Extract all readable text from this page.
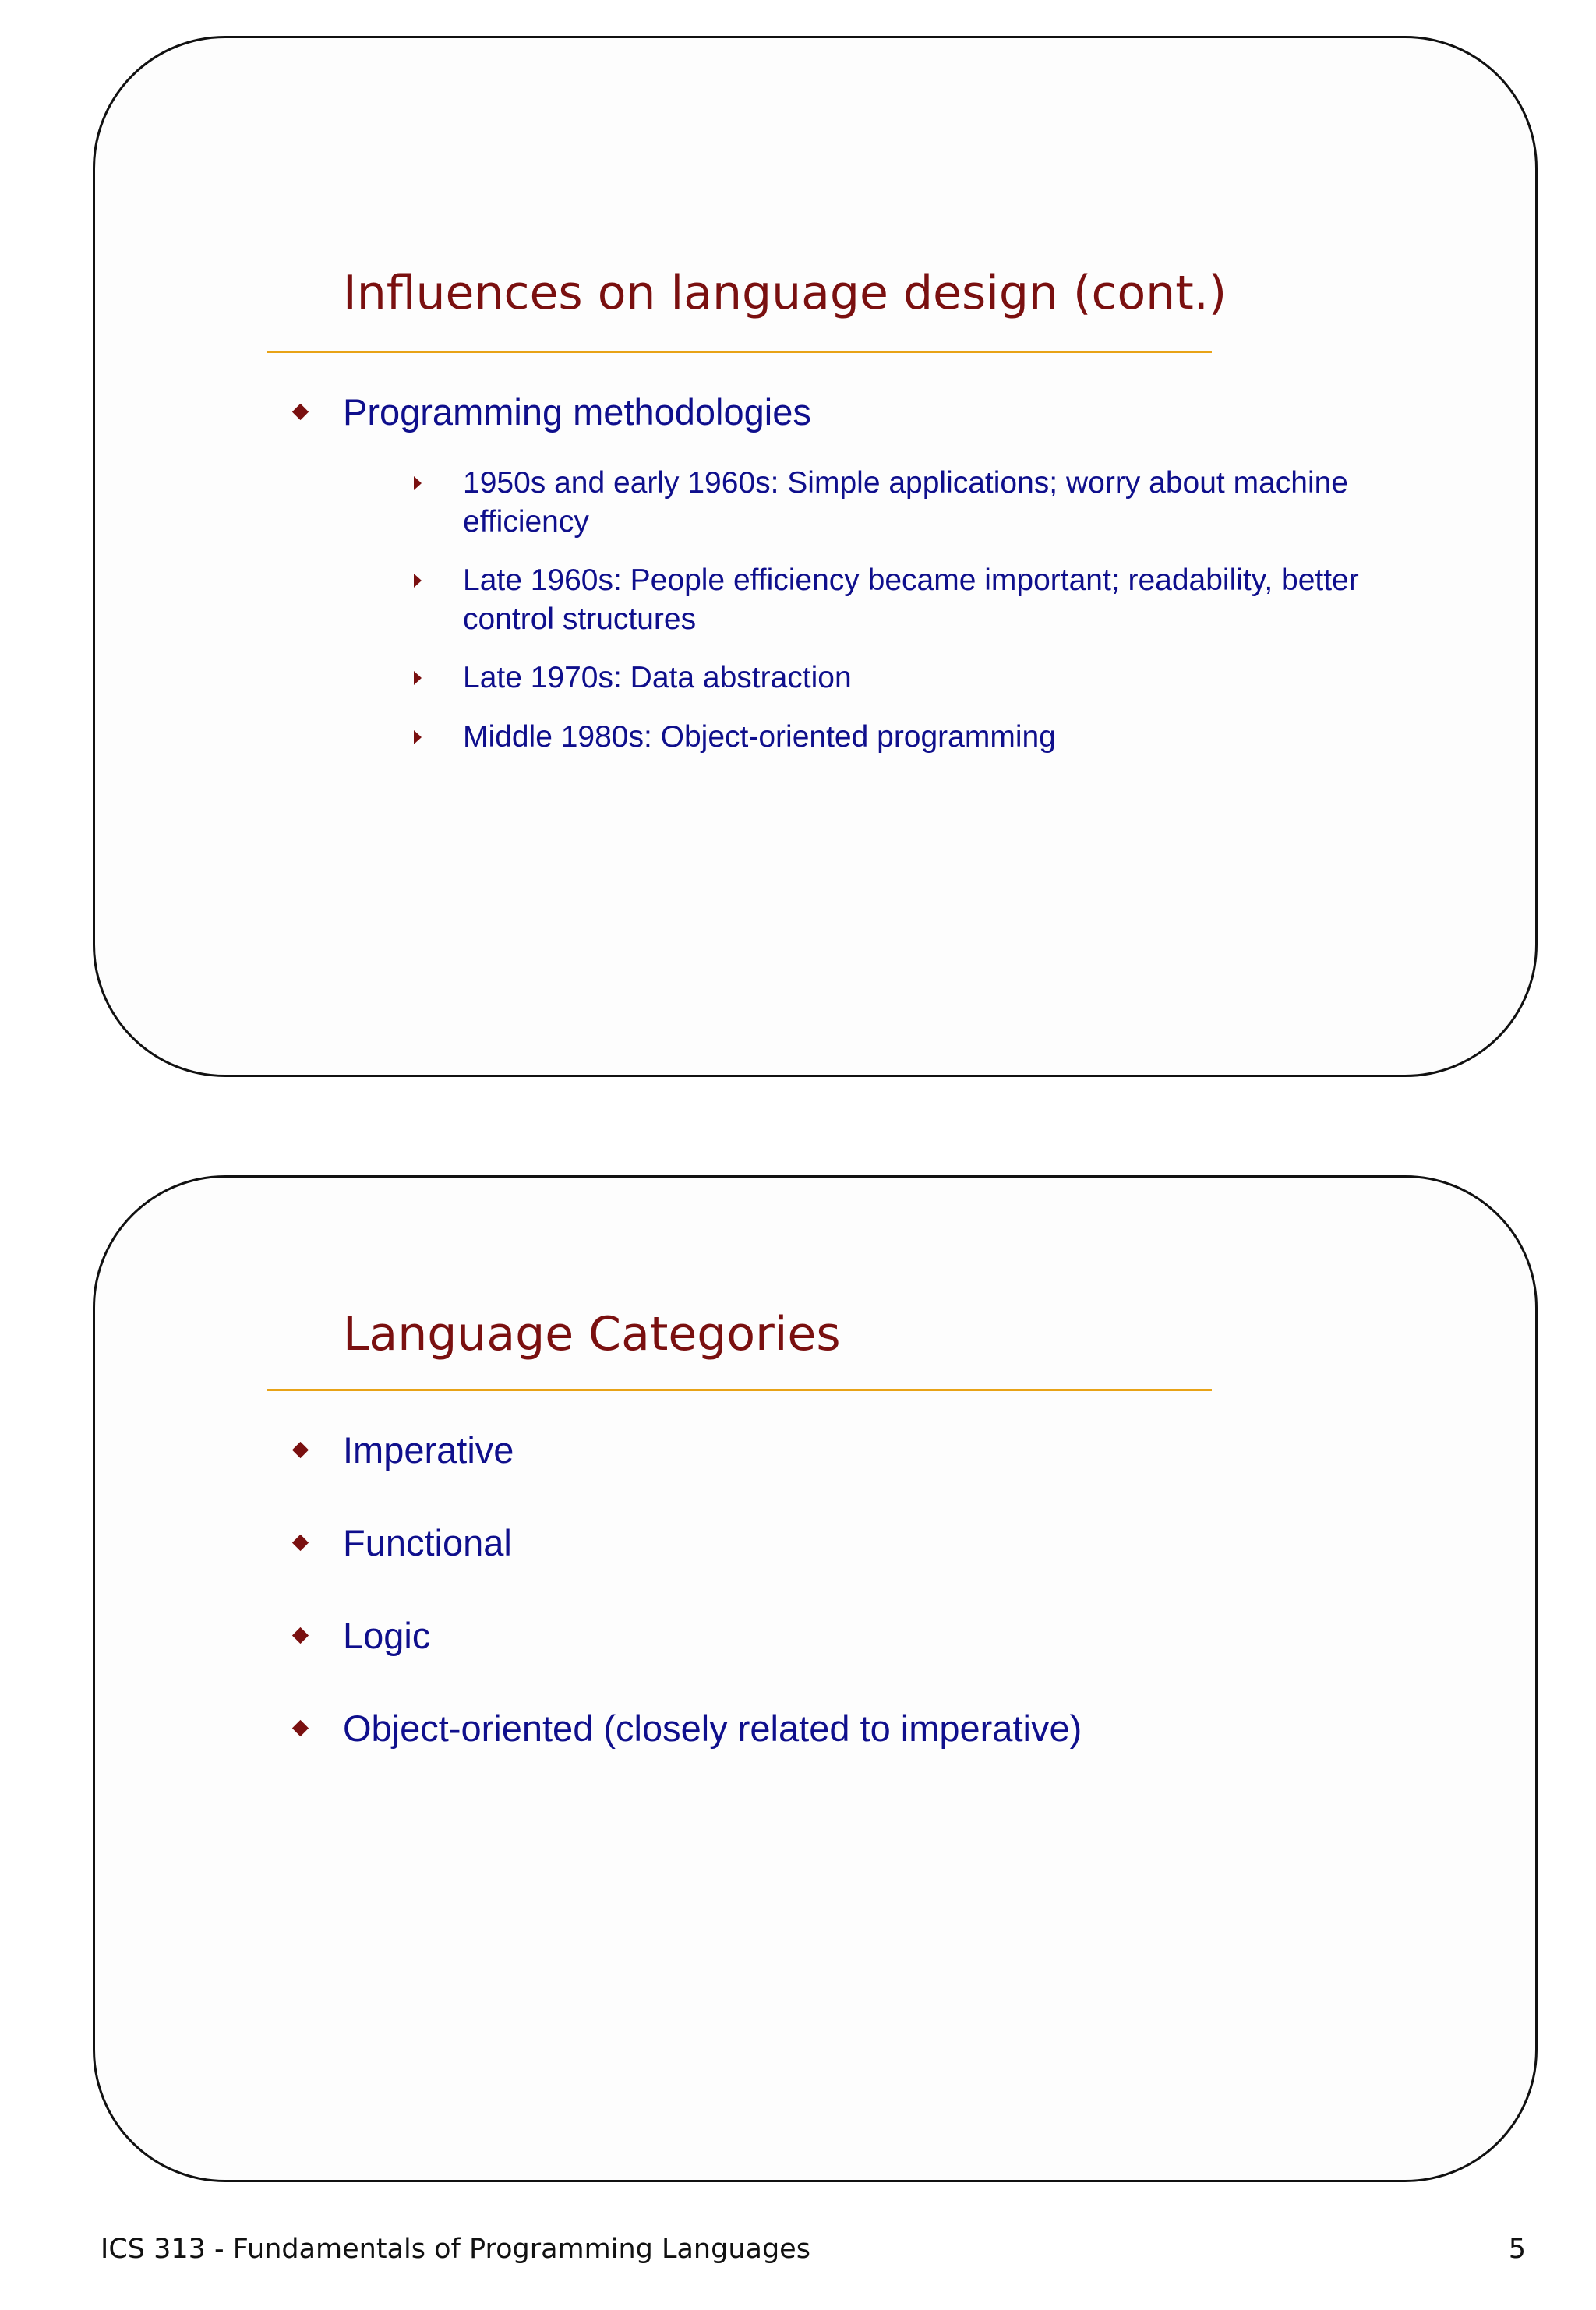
Influences on language design (cont.)
Programming methodologies
1950s and early 1960s: Simple applications; worry about machine efficiency
Late 1960s: People efficiency became important; readability, better control structures
Late 1970s: Data abstraction
Middle 1980s: Object-oriented programming
Language Categories
Imperative
Functional
Logic
Object-oriented (closely related to imperative)
ICS 313 - Fundamentals of Programming Languages	5
